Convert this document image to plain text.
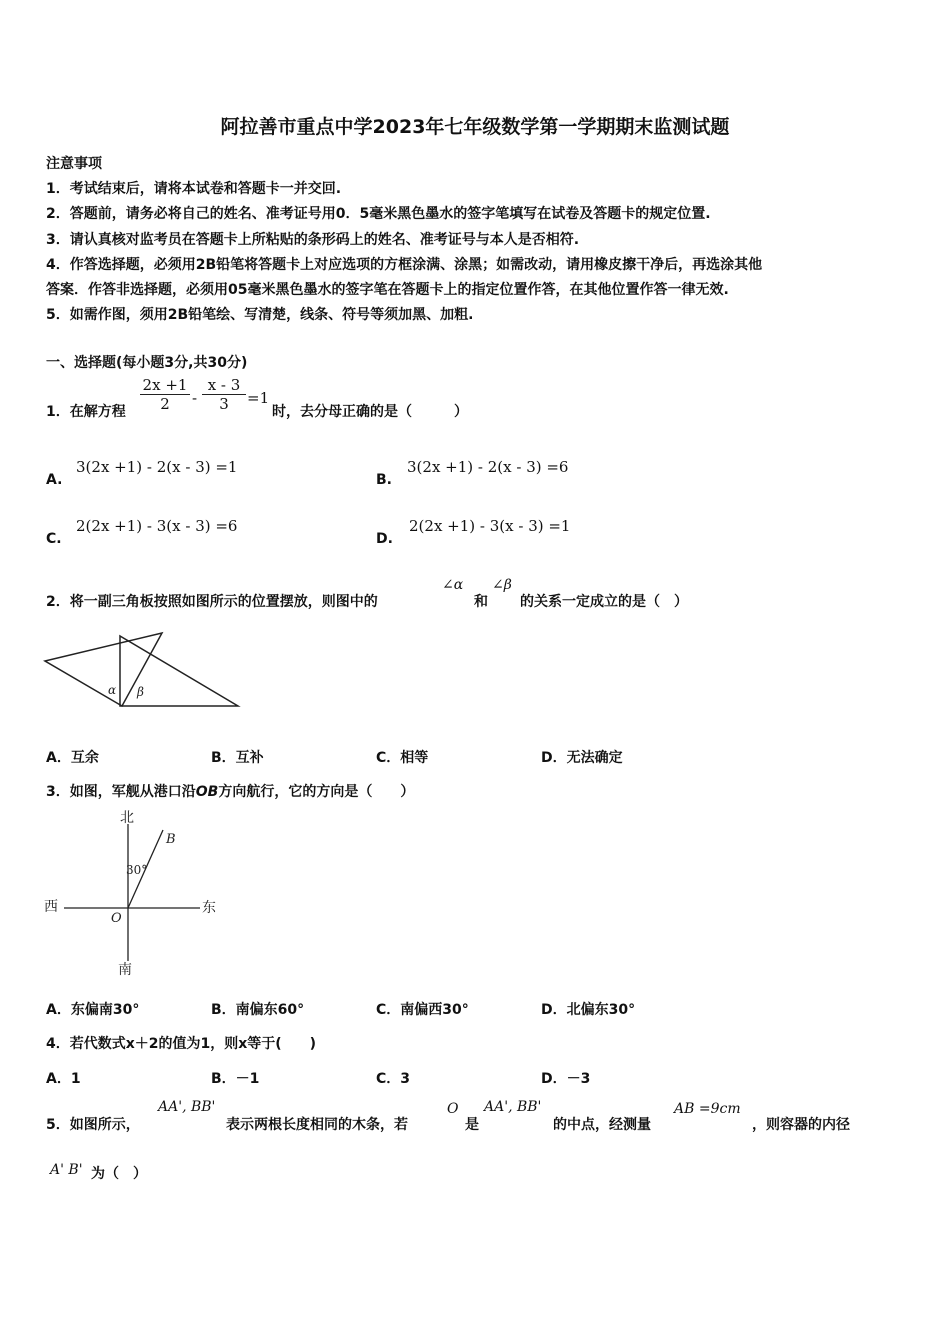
阿拉善市重点中学2023年七年级数学第一学期期末监测试题
注意事项
1．考试结束后，请将本试卷和答题卡一并交回.
2．答题前，请务必将自己的姓名、准考证号用0．5毫米黑色墨水的签字笔填写在试卷及答题卡的规定位置.
3．请认真核对监考员在答题卡上所粘贴的条形码上的姓名、准考证号与本人是否相符.
4．作答选择题，必须用2B铅笔将答题卡上对应选项的方框涂满、涂黑；如需改动，请用橡皮擦干净后，再选涂其他
答案．作答非选择题，必须用05毫米黑色墨水的签字笔在答题卡上的指定位置作答，在其他位置作答一律无效.
5．如需作图，须用2B铅笔绘、写清楚，线条、符号等须加黑、加粗.
一、选择题(每小题3分,共30分)
1．在解方程 $\frac{2x +1}{2} - \frac{x - 3}{3} =1$
时，去分母正确的是（　　　）
A.
3(2x +1) - 2(x - 3) =1
B.
3(2x +1) - 2(x - 3) =6
C.
2(2x +1) - 3(x - 3) =6
D.
2(2x +1) - 3(x - 3) =1
2．将一副三角板按照如图所示的位置摆放，则图中的
∠α
和
∠β
的关系一定成立的是（　）
α β
A．互余	B．互补	C．相等	D．无法确定
3．如图，军舰从港口沿OB方向航行，它的方向是（　　）
北
南
西	东
B
O
30°
A．东偏南30°	B．南偏东60°	C．南偏西30°	D．北偏东30°
4．若代数式x＋2的值为1，则x等于(　　)
A．1	B．－1	C．3	D．－3
5．如图所示，
AA', BB'
表示两根长度相同的木条，若
O
是
AA', BB'
的中点，经测量
AB =9cm
，则容器的内径
A' B' 为（　）
